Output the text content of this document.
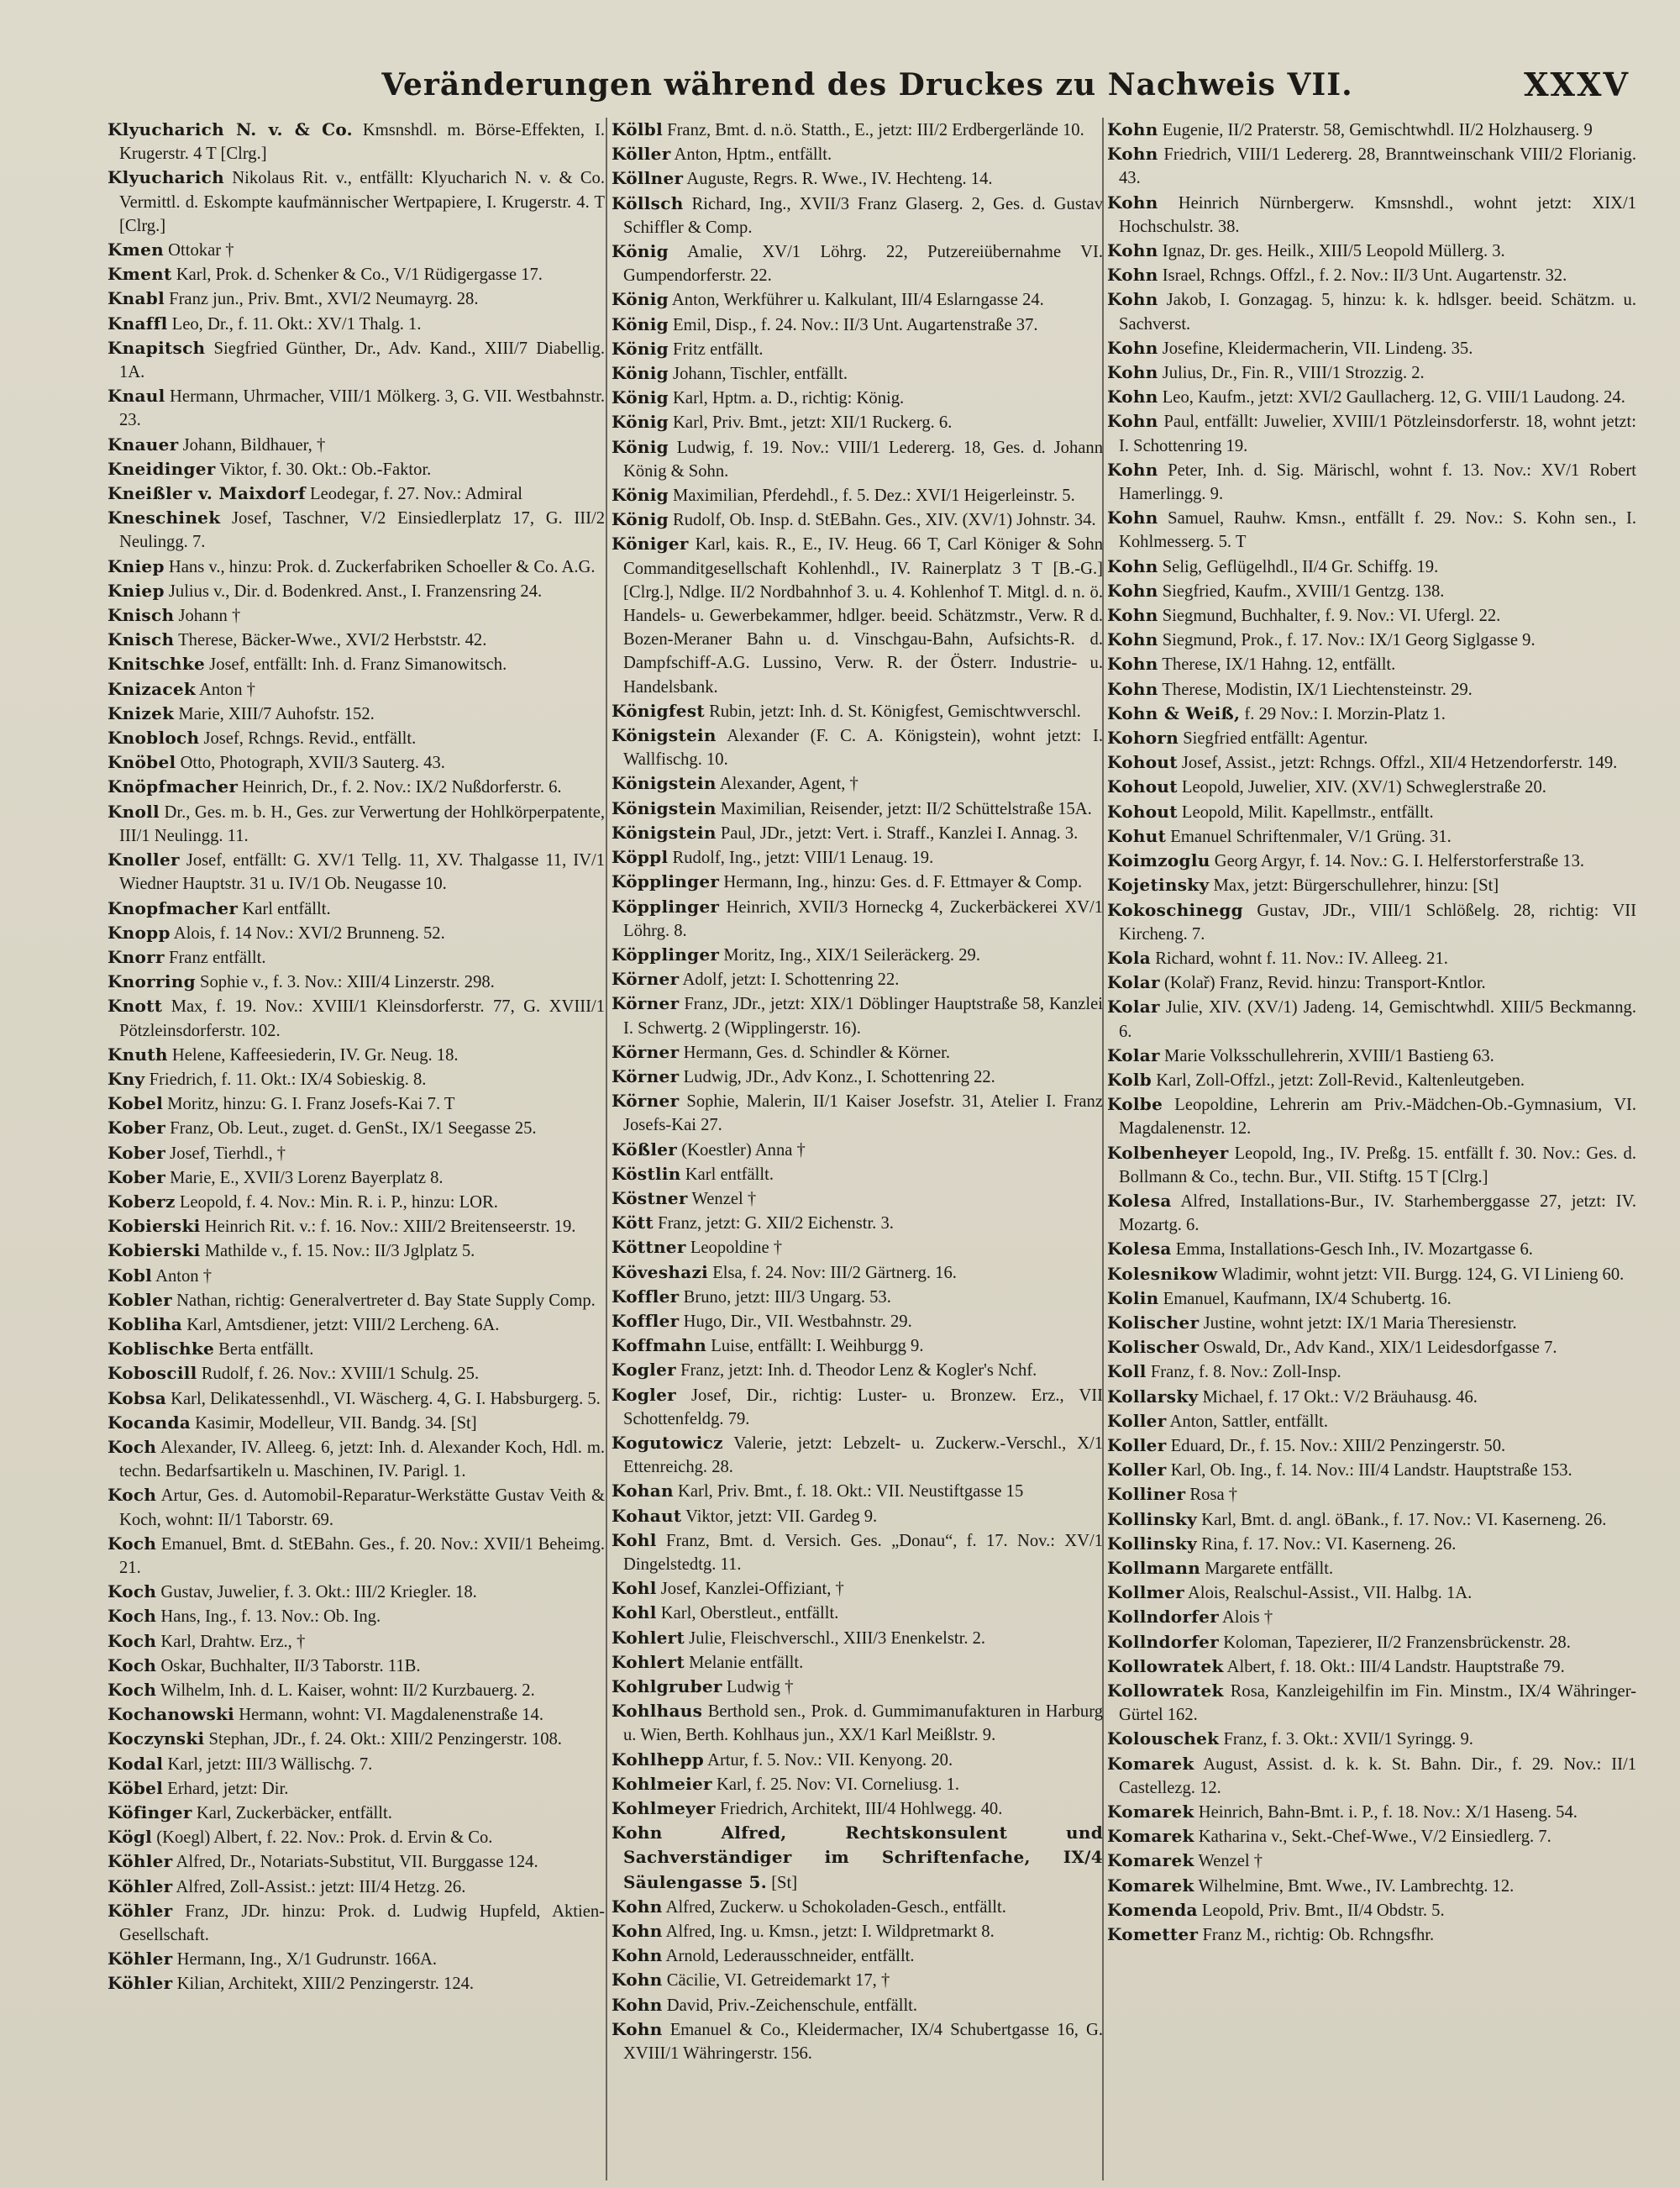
Veränderungen während des Druckes zu Nachweis VII.	XXXV

Klyucharich N. v. & Co. Kmsnshdl. m. Börse-Effekten, I. Krugerstr. 4 T [Clrg.]

Klyucharich Nikolaus Rit. v., entfällt: Klyucharich N. v. & Co. Vermittl. d. Eskompte kaufmännischer Wertpapiere, I. Krugerstr. 4. T [Clrg.]

Kmen Ottokar †

Kment Karl, Prok. d. Schenker & Co., V/1 Rüdigergasse 17.

Knabl Franz jun., Priv. Bmt., XVI/2 Neumayrg. 28.

Knaffl Leo, Dr., f. 11. Okt.: XV/1 Thalg. 1.

Knapitsch Siegfried Günther, Dr., Adv. Kand., XIII/7 Diabellig. 1A.

Knaul Hermann, Uhrmacher, VIII/1 Mölkerg. 3, G. VII. Westbahnstr. 23.

Knauer Johann, Bildhauer, †

Kneidinger Viktor, f. 30. Okt.: Ob.-Faktor.

Kneißler v. Maixdorf Leodegar, f. 27. Nov.: Admiral

Kneschinek Josef, Taschner, V/2 Einsiedlerplatz 17, G. III/2 Neulingg. 7.

Kniep Hans v., hinzu: Prok. d. Zuckerfabriken Schoeller & Co. A.G.

Kniep Julius v., Dir. d. Bodenkred. Anst., I. Franzensring 24.

Knisch Johann †

Knisch Therese, Bäcker-Wwe., XVI/2 Herbststr. 42.

Knitschke Josef, entfällt: Inh. d. Franz Simanowitsch.

Knizacek Anton †

Knizek Marie, XIII/7 Auhofstr. 152.

Knobloch Josef, Rchngs. Revid., entfällt.

Knöbel Otto, Photograph, XVII/3 Sauterg. 43.

Knöpfmacher Heinrich, Dr., f. 2. Nov.: IX/2 Nußdorferstr. 6.

Knoll Dr., Ges. m. b. H., Ges. zur Verwertung der Hohlkörperpatente, III/1 Neulingg. 11.

Knoller Josef, entfällt: G. XV/1 Tellg. 11, XV. Thalgasse 11, IV/1 Wiedner Hauptstr. 31 u. IV/1 Ob. Neugasse 10.

Knopfmacher Karl entfällt.

Knopp Alois, f. 14 Nov.: XVI/2 Brunneng. 52.

Knorr Franz entfällt.

Knorring Sophie v., f. 3. Nov.: XIII/4 Linzerstr. 298.

Knott Max, f. 19. Nov.: XVIII/1 Kleinsdorferstr. 77, G. XVIII/1 Pötzleinsdorferstr. 102.

Knuth Helene, Kaffeesiederin, IV. Gr. Neug. 18.

Kny Friedrich, f. 11. Okt.: IX/4 Sobieskig. 8.

Kobel Moritz, hinzu: G. I. Franz Josefs-Kai 7. T

Kober Franz, Ob. Leut., zuget. d. GenSt., IX/1 Seegasse 25.

Kober Josef, Tierhdl., †

Kober Marie, E., XVII/3 Lorenz Bayerplatz 8.

Koberz Leopold, f. 4. Nov.: Min. R. i. P., hinzu: LOR.

Kobierski Heinrich Rit. v.: f. 16. Nov.: XIII/2 Breitenseerstr. 19.

Kobierski Mathilde v., f. 15. Nov.: II/3 Jglplatz 5.

Kobl Anton †

Kobler Nathan, richtig: Generalvertreter d. Bay State Supply Comp.

Kobliha Karl, Amtsdiener, jetzt: VIII/2 Lercheng. 6A.

Koblischke Berta entfällt.

Koboscill Rudolf, f. 26. Nov.: XVIII/1 Schulg. 25.

Kobsa Karl, Delikatessenhdl., VI. Wäscherg. 4, G. I. Habsburgerg. 5.

Kocanda Kasimir, Modelleur, VII. Bandg. 34. [St]

Koch Alexander, IV. Alleeg. 6, jetzt: Inh. d. Alexander Koch, Hdl. m. techn. Bedarfsartikeln u. Maschinen, IV. Parigl. 1.

Koch Artur, Ges. d. Automobil-Reparatur-Werkstätte Gustav Veith & Koch, wohnt: II/1 Taborstr. 69.

Koch Emanuel, Bmt. d. StEBahn. Ges., f. 20. Nov.: XVII/1 Beheimg. 21.

Koch Gustav, Juwelier, f. 3. Okt.: III/2 Kriegler. 18.

Koch Hans, Ing., f. 13. Nov.: Ob. Ing.

Koch Karl, Drahtw. Erz., †

Koch Oskar, Buchhalter, II/3 Taborstr. 11B.

Koch Wilhelm, Inh. d. L. Kaiser, wohnt: II/2 Kurzbauerg. 2.

Kochanowski Hermann, wohnt: VI. Magdalenenstraße 14.

Koczynski Stephan, JDr., f. 24. Okt.: XIII/2 Penzingerstr. 108.

Kodal Karl, jetzt: III/3 Wällischg. 7.

Köbel Erhard, jetzt: Dir.

Köfinger Karl, Zuckerbäcker, entfällt.

Kögl (Koegl) Albert, f. 22. Nov.: Prok. d. Ervin & Co.

Köhler Alfred, Dr., Notariats-Substitut, VII. Burggasse 124.

Köhler Alfred, Zoll-Assist.: jetzt: III/4 Hetzg. 26.

Köhler Franz, JDr. hinzu: Prok. d. Ludwig Hupfeld, Aktien-Gesellschaft.

Köhler Hermann, Ing., X/1 Gudrunstr. 166A.

Köhler Kilian, Architekt, XIII/2 Penzingerstr. 124.

Kölbl Franz, Bmt. d. n.ö. Statth., E., jetzt: III/2 Erdbergerlände 10.

Köller Anton, Hptm., entfällt.

Köllner Auguste, Regrs. R. Wwe., IV. Hechteng. 14.

Köllsch Richard, Ing., XVII/3 Franz Glaserg. 2, Ges. d. Gustav Schiffler & Comp.

König Amalie, XV/1 Löhrg. 22, Putzereiübernahme VI. Gumpendorferstr. 22.

König Anton, Werkführer u. Kalkulant, III/4 Eslarngasse 24.

König Emil, Disp., f. 24. Nov.: II/3 Unt. Augartenstraße 37.

König Fritz entfällt.

König Johann, Tischler, entfällt.

König Karl, Hptm. a. D., richtig: König.

König Karl, Priv. Bmt., jetzt: XII/1 Ruckerg. 6.

König Ludwig, f. 19. Nov.: VIII/1 Ledererg. 18, Ges. d. Johann König & Sohn.

König Maximilian, Pferdehdl., f. 5. Dez.: XVI/1 Heigerleinstr. 5.

König Rudolf, Ob. Insp. d. StEBahn. Ges., XIV. (XV/1) Johnstr. 34.

Königer Karl, kais. R., E., IV. Heug. 66 T, Carl Königer & Sohn Commanditgesellschaft Kohlenhdl., IV. Rainerplatz 3 T [B.-G.] [Clrg.], Ndlge. II/2 Nordbahnhof 3. u. 4. Kohlenhof T. Mitgl. d. n. ö. Handels- u. Gewerbekammer, hdlger. beeid. Schätzmstr., Verw. R d. Bozen-Meraner Bahn u. d. Vinschgau-Bahn, Aufsichts-R. d. Dampfschiff-A.G. Lussino, Verw. R. der Österr. Industrie- u. Handelsbank.

Königfest Rubin, jetzt: Inh. d. St. Königfest, Gemischtwverschl.

Königstein Alexander (F. C. A. Königstein), wohnt jetzt: I. Wallfischg. 10.

Königstein Alexander, Agent, †

Königstein Maximilian, Reisender, jetzt: II/2 Schüttelstraße 15A.

Königstein Paul, JDr., jetzt: Vert. i. Straff., Kanzlei I. Annag. 3.

Köppl Rudolf, Ing., jetzt: VIII/1 Lenaug. 19.

Köpplinger Hermann, Ing., hinzu: Ges. d. F. Ettmayer & Comp.

Köpplinger Heinrich, XVII/3 Horneckg 4, Zuckerbäckerei XV/1 Löhrg. 8.

Köpplinger Moritz, Ing., XIX/1 Seileräckerg. 29.

Körner Adolf, jetzt: I. Schottenring 22.

Körner Franz, JDr., jetzt: XIX/1 Döblinger Hauptstraße 58, Kanzlei I. Schwertg. 2 (Wipplingerstr. 16).

Körner Hermann, Ges. d. Schindler & Körner.

Körner Ludwig, JDr., Adv Konz., I. Schottenring 22.

Körner Sophie, Malerin, II/1 Kaiser Josefstr. 31, Atelier I. Franz Josefs-Kai 27.

Kößler (Koestler) Anna †

Köstlin Karl entfällt.

Köstner Wenzel †

Kött Franz, jetzt: G. XII/2 Eichenstr. 3.

Köttner Leopoldine †

Köveshazi Elsa, f. 24. Nov: III/2 Gärtnerg. 16.

Koffler Bruno, jetzt: III/3 Ungarg. 53.

Koffler Hugo, Dir., VII. Westbahnstr. 29.

Koffmahn Luise, entfällt: I. Weihburgg 9.

Kogler Franz, jetzt: Inh. d. Theodor Lenz & Kogler's Nchf.

Kogler Josef, Dir., richtig: Luster- u. Bronzew. Erz., VII Schottenfeldg. 79.

Kogutowicz Valerie, jetzt: Lebzelt- u. Zuckerw.-Verschl., X/1 Ettenreichg. 28.

Kohan Karl, Priv. Bmt., f. 18. Okt.: VII. Neustiftgasse 15

Kohaut Viktor, jetzt: VII. Gardeg 9.

Kohl Franz, Bmt. d. Versich. Ges. „Donau“, f. 17. Nov.: XV/1 Dingelstedtg. 11.

Kohl Josef, Kanzlei-Offiziant, †

Kohl Karl, Oberstleut., entfällt.

Kohlert Julie, Fleischverschl., XIII/3 Enenkelstr. 2.

Kohlert Melanie entfällt.

Kohlgruber Ludwig †

Kohlhaus Berthold sen., Prok. d. Gummimanufakturen in Harburg u. Wien, Berth. Kohlhaus jun., XX/1 Karl Meißlstr. 9.

Kohlhepp Artur, f. 5. Nov.: VII. Kenyong. 20.

Kohlmeier Karl, f. 25. Nov: VI. Corneliusg. 1.

Kohlmeyer Friedrich, Architekt, III/4 Hohlwegg. 40.

Kohn Alfred, Rechtskonsulent und Sachverständiger im Schriftenfache, IX/4 Säulengasse 5. [St]

Kohn Alfred, Zuckerw. u Schokoladen-Gesch., entfällt.

Kohn Alfred, Ing. u. Kmsn., jetzt: I. Wildpretmarkt 8.

Kohn Arnold, Lederausschneider, entfällt.

Kohn Cäcilie, VI. Getreidemarkt 17, †

Kohn David, Priv.-Zeichenschule, entfällt.

Kohn Emanuel & Co., Kleidermacher, IX/4 Schubertgasse 16, G. XVIII/1 Währingerstr. 156.

Kohn Eugenie, II/2 Praterstr. 58, Gemischtwhdl. II/2 Holzhauserg. 9

Kohn Friedrich, VIII/1 Ledererg. 28, Branntweinschank VIII/2 Florianig. 43.

Kohn Heinrich Nürnbergerw. Kmsnshdl., wohnt jetzt: XIX/1 Hochschulstr. 38.

Kohn Ignaz, Dr. ges. Heilk., XIII/5 Leopold Müllerg. 3.

Kohn Israel, Rchngs. Offzl., f. 2. Nov.: II/3 Unt. Augartenstr. 32.

Kohn Jakob, I. Gonzagag. 5, hinzu: k. k. hdlsger. beeid. Schätzm. u. Sachverst.

Kohn Josefine, Kleidermacherin, VII. Lindeng. 35.

Kohn Julius, Dr., Fin. R., VIII/1 Strozzig. 2.

Kohn Leo, Kaufm., jetzt: XVI/2 Gaullacherg. 12, G. VIII/1 Laudong. 24.

Kohn Paul, entfällt: Juwelier, XVIII/1 Pötzleinsdorferstr. 18, wohnt jetzt: I. Schottenring 19.

Kohn Peter, Inh. d. Sig. Märischl, wohnt f. 13. Nov.: XV/1 Robert Hamerlingg. 9.

Kohn Samuel, Rauhw. Kmsn., entfällt f. 29. Nov.: S. Kohn sen., I. Kohlmesserg. 5. T

Kohn Selig, Geflügelhdl., II/4 Gr. Schiffg. 19.

Kohn Siegfried, Kaufm., XVIII/1 Gentzg. 138.

Kohn Siegmund, Buchhalter, f. 9. Nov.: VI. Ufergl. 22.

Kohn Siegmund, Prok., f. 17. Nov.: IX/1 Georg Siglgasse 9.

Kohn Therese, IX/1 Hahng. 12, entfällt.

Kohn Therese, Modistin, IX/1 Liechtensteinstr. 29.

Kohn & Weiß, f. 29 Nov.: I. Morzin-Platz 1.

Kohorn Siegfried entfällt: Agentur.

Kohout Josef, Assist., jetzt: Rchngs. Offzl., XII/4 Hetzendorferstr. 149.

Kohout Leopold, Juwelier, XIV. (XV/1) Schweglerstraße 20.

Kohout Leopold, Milit. Kapellmstr., entfällt.

Kohut Emanuel Schriftenmaler, V/1 Grüng. 31.

Koimzoglu Georg Argyr, f. 14. Nov.: G. I. Helferstorferstraße 13.

Kojetinsky Max, jetzt: Bürgerschullehrer, hinzu: [St]

Kokoschinegg Gustav, JDr., VIII/1 Schlößelg. 28, richtig: VII Kircheng. 7.

Kola Richard, wohnt f. 11. Nov.: IV. Alleeg. 21.

Kolar (Kolař) Franz, Revid. hinzu: Transport-Kntlor.

Kolar Julie, XIV. (XV/1) Jadeng. 14, Gemischtwhdl. XIII/5 Beckmanng. 6.

Kolar Marie Volksschullehrerin, XVIII/1 Bastieng 63.

Kolb Karl, Zoll-Offzl., jetzt: Zoll-Revid., Kaltenleutgeben.

Kolbe Leopoldine, Lehrerin am Priv.-Mädchen-Ob.-Gymnasium, VI. Magdalenenstr. 12.

Kolbenheyer Leopold, Ing., IV. Preßg. 15. entfällt f. 30. Nov.: Ges. d. Bollmann & Co., techn. Bur., VII. Stiftg. 15 T [Clrg.]

Kolesa Alfred, Installations-Bur., IV. Starhemberggasse 27, jetzt: IV. Mozartg. 6.

Kolesa Emma, Installations-Gesch Inh., IV. Mozartgasse 6.

Kolesnikow Wladimir, wohnt jetzt: VII. Burgg. 124, G. VI Linieng 60.

Kolin Emanuel, Kaufmann, IX/4 Schubertg. 16.

Kolischer Justine, wohnt jetzt: IX/1 Maria Theresienstr.

Kolischer Oswald, Dr., Adv Kand., XIX/1 Leidesdorfgasse 7.

Koll Franz, f. 8. Nov.: Zoll-Insp.

Kollarsky Michael, f. 17 Okt.: V/2 Bräuhausg. 46.

Koller Anton, Sattler, entfällt.

Koller Eduard, Dr., f. 15. Nov.: XIII/2 Penzingerstr. 50.

Koller Karl, Ob. Ing., f. 14. Nov.: III/4 Landstr. Hauptstraße 153.

Kolliner Rosa †

Kollinsky Karl, Bmt. d. angl. öBank., f. 17. Nov.: VI. Kaserneng. 26.

Kollinsky Rina, f. 17. Nov.: VI. Kaserneng. 26.

Kollmann Margarete entfällt.

Kollmer Alois, Realschul-Assist., VII. Halbg. 1A.

Kollndorfer Alois †

Kollndorfer Koloman, Tapezierer, II/2 Franzensbrückenstr. 28.

Kollowratek Albert, f. 18. Okt.: III/4 Landstr. Hauptstraße 79.

Kollowratek Rosa, Kanzleigehilfin im Fin. Minstm., IX/4 Währinger-Gürtel 162.

Kolouschek Franz, f. 3. Okt.: XVII/1 Syringg. 9.

Komarek August, Assist. d. k. k. St. Bahn. Dir., f. 29. Nov.: II/1 Castellezg. 12.

Komarek Heinrich, Bahn-Bmt. i. P., f. 18. Nov.: X/1 Haseng. 54.

Komarek Katharina v., Sekt.-Chef-Wwe., V/2 Einsiedlerg. 7.

Komarek Wenzel †

Komarek Wilhelmine, Bmt. Wwe., IV. Lambrechtg. 12.

Komenda Leopold, Priv. Bmt., II/4 Obdstr. 5.

Kometter Franz M., richtig: Ob. Rchngsfhr.
